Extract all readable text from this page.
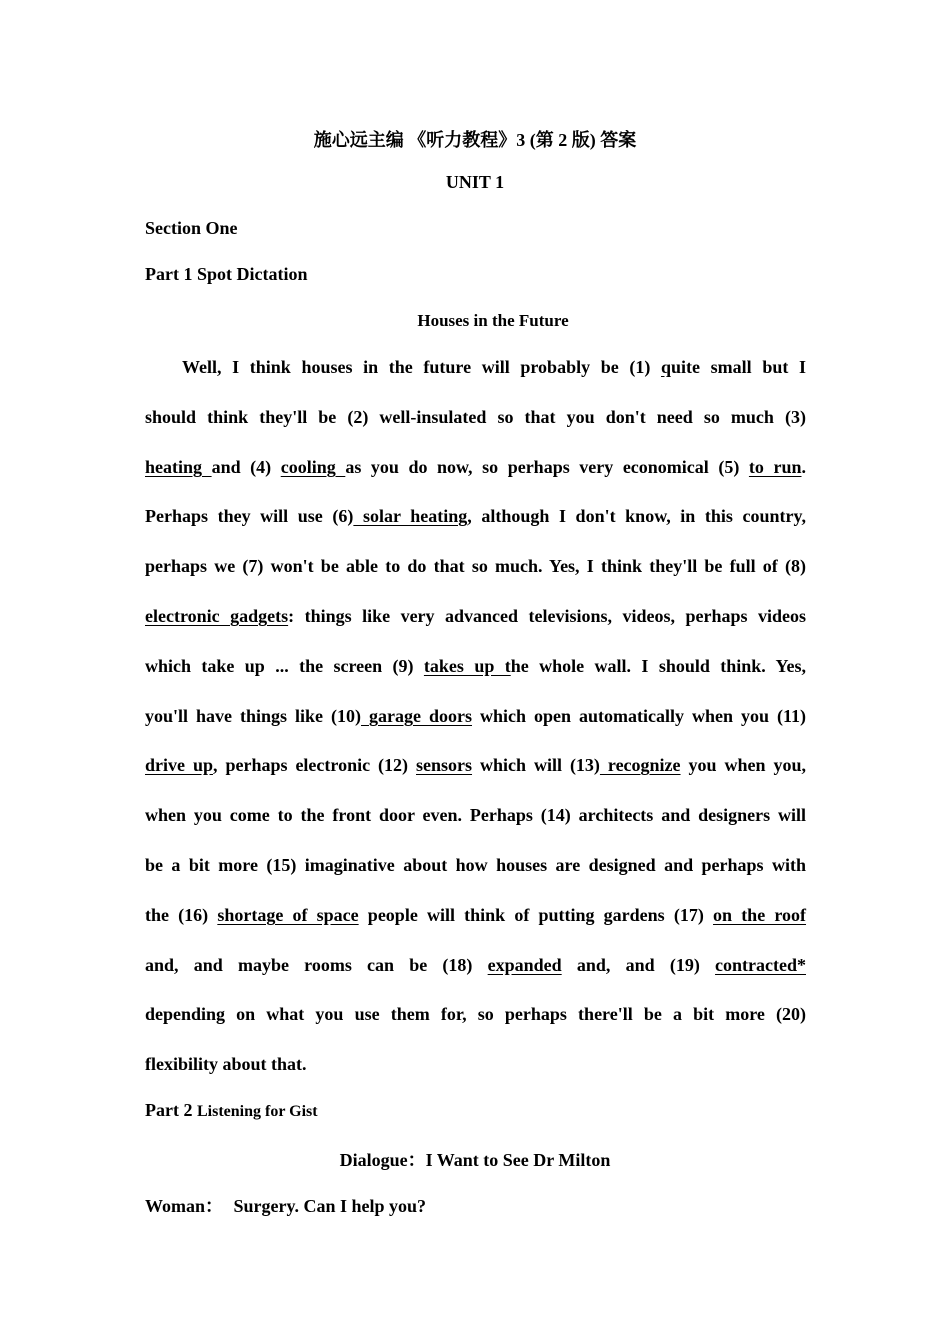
施心远主编 《听力教程》3 (第 2 版) 答案
UNIT 1
Section One
Part 1 Spot Dictation
Houses in the Future
Well, I think houses in the future will probably be (1) quite small but I
should think they'll be (2) well-insulated so that you don't need so much (3)
heating and (4) cooling as you do now, so perhaps very economical (5) to run.
Perhaps they will use (6) solar heating, although I don't know, in this country,
perhaps we (7) won't be able to do that so much. Yes, I think they'll be full of (8)
electronic gadgets: things like very advanced televisions, videos, perhaps videos
which take up ... the screen (9) takes up the whole wall. I should think. Yes,
you'll have things like (10) garage doors which open automatically when you (11)
drive up, perhaps electronic (12) sensors which will (13) recognize you when you,
when you come to the front door even. Perhaps (14) architects and designers will
be a bit more (15) imaginative about how houses are designed and perhaps with
the (16) shortage of space people will think of putting gardens (17) on the roof
and, and maybe rooms can be (18) expanded and, and (19) contracted*
depending on what you use them for, so perhaps there'll be a bit more (20)
flexibility about that.
Part 2 Listening for Gist
Dialogue：I Want to See Dr Milton
Woman： Surgery. Can I help you?
